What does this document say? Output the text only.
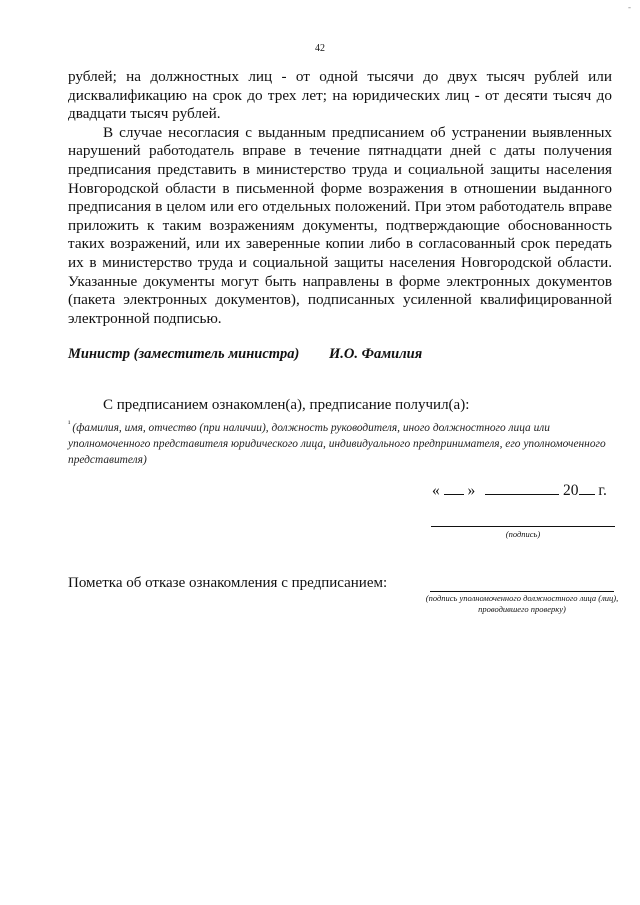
42
-

рублей; на должностных лиц - от одной тысячи до двух тысяч рублей или дисквалификацию на срок до трех лет; на юридических лиц - от десяти тысяч до двадцати тысяч рублей.

В случае несогласия с выданным предписанием об устранении выявленных нарушений работодатель вправе в течение пятнадцати дней с даты получения предписания представить в министерство труда и социальной защиты населения Новгородской области в письменной форме возражения в отношении выданного предписания в целом или его отдельных положений. При этом работодатель вправе приложить к таким возражениям документы, подтверждающие обоснованность таких возражений, или их заверенные копии либо в согласованный срок передать их в министерство труда и социальной защиты населения Новгородской области. Указанные документы могут быть направлены в форме электронных документов (пакета электронных документов), подписанных усиленной квалифицированной электронной подписью.

Министр (заместитель министра) И.О. Фамилия
С предписанием ознакомлен(а), предписание получил(а):
$^{^1}$ (фамилия, имя, отчество (при наличии), должность руководителя, иного должностного лица или уполномоченного представителя юридического лица, индивидуального предпринимателя, его уполномоченного представителя)
« »	20 г.
(подпись)
Пометка об отказе ознакомления с предписанием:
(подпись уполномоченного должностного лица (лиц), проводившего проверку)
